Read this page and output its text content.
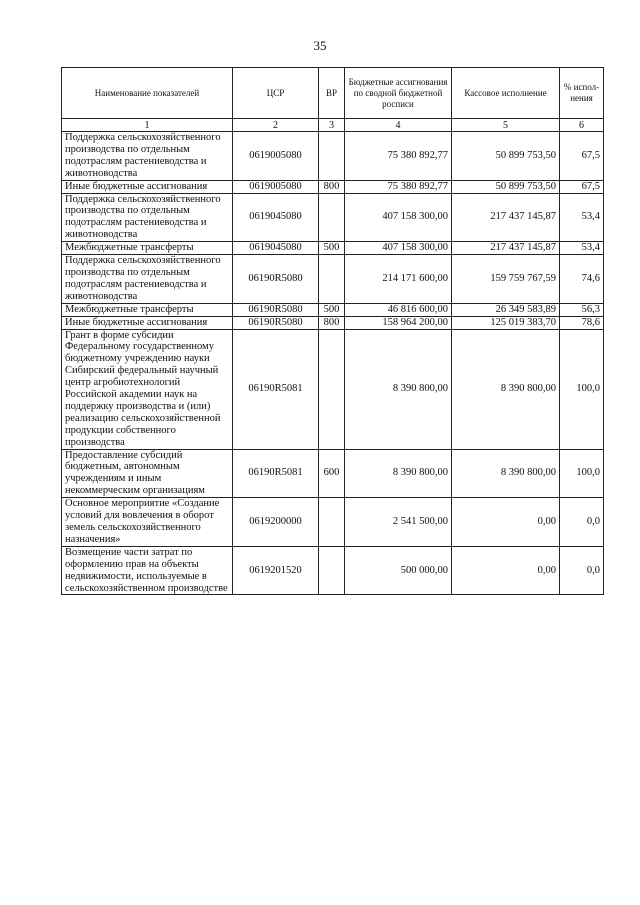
35
Наименование показателей	ЦСР	ВР	Бюджетные ассигнования по сводной бюджетной росписи	Кассовое исполнение	% испол-нения
1	2	3	4	5	6
Поддержка сельскохозяйственного производства по отдельным подотраслям растениеводства и животноводства	0619005080		75 380 892,77	50 899 753,50	67,5
Иные бюджетные ассигнования	0619005080	800	75 380 892,77	50 899 753,50	67,5
Поддержка сельскохозяйственного производства по отдельным подотраслям растениеводства и животноводства	0619045080		407 158 300,00	217 437 145,87	53,4
Межбюджетные трансферты	0619045080	500	407 158 300,00	217 437 145,87	53,4
Поддержка сельскохозяйственного производства по отдельным подотраслям растениеводства и животноводства	06190R5080		214 171 600,00	159 759 767,59	74,6
Межбюджетные трансферты	06190R5080	500	46 816 600,00	26 349 583,89	56,3
Иные бюджетные ассигнования	06190R5080	800	158 964 200,00	125 019 383,70	78,6
Грант в форме субсидии Федеральному государственному бюджетному учреждению науки Сибирский федеральный научный центр агробиотехнологий Российской академии наук на поддержку производства и (или) реализацию сельскохозяйственной продукции собственного производства	06190R5081		8 390 800,00	8 390 800,00	100,0
Предоставление субсидий бюджетным, автономным учреждениям и иным некоммерческим организациям	06190R5081	600	8 390 800,00	8 390 800,00	100,0
Основное мероприятие «Создание условий для вовлечения в оборот земель сельскохозяйственного назначения»	0619200000		2 541 500,00	0,00	0,0
Возмещение части затрат по оформлению прав на объекты недвижимости, используемые в сельскохозяйственном производстве	0619201520		500 000,00	0,00	0,0
